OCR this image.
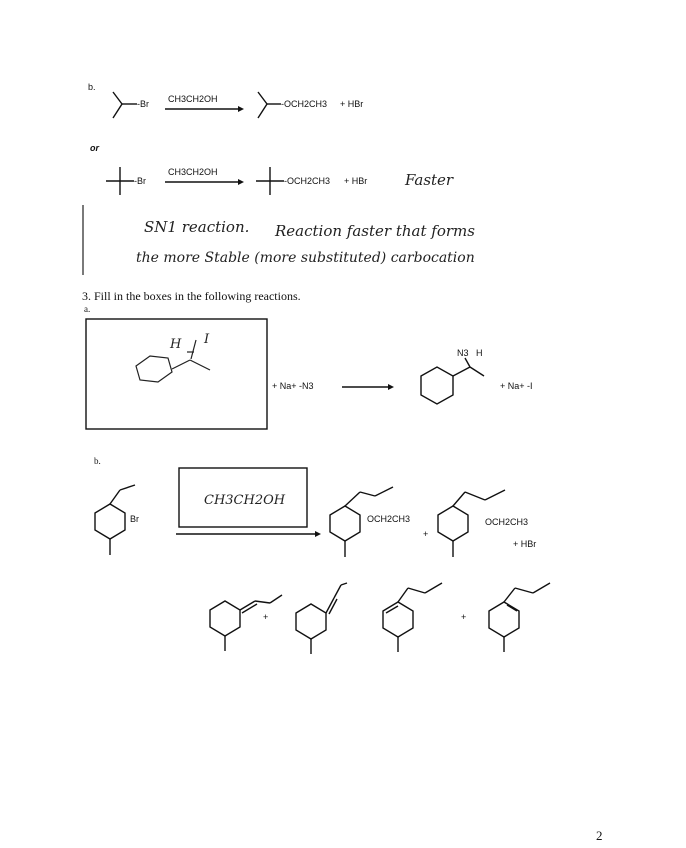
b.
-Br CH3CH2OH	-OCH2CH3 + HBr
or
-Br
CH3CH2OH
-OCH2CH3 + HBr	Faster
SN1 reaction. Reaction faster that forms
the more Stable (more substituted) carbocation
3. Fill in the boxes in the following reactions.
a.
H I
+ Na+ -N3
N3 H
+ Na+ -I
b.
Br
CH3CH2OH
OCH2CH3
+
OCH2CH3
+ HBr
+	+
2
